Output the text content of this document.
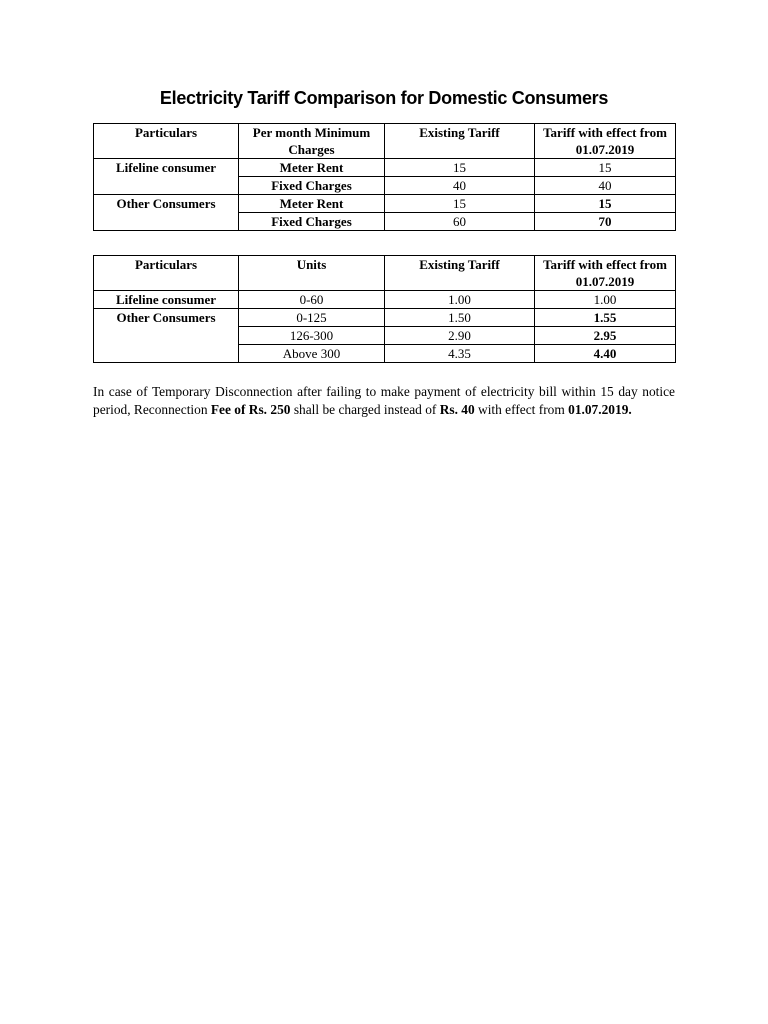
Electricity Tariff Comparison for Domestic Consumers
Particulars	Per month Minimum Charges	Existing Tariff	Tariff with effect from 01.07.2019
Lifeline consumer	Meter Rent	15	15
	Fixed Charges	40	40
Other Consumers	Meter Rent	15	15
	Fixed Charges	60	70
Particulars	Units	Existing Tariff	Tariff with effect from 01.07.2019
Lifeline consumer	0-60	1.00	1.00
Other Consumers	0-125	1.50	1.55
	126-300	2.90	2.95
	Above 300	4.35	4.40

In case of Temporary Disconnection after failing to make payment of electricity bill within 15 day notice period, Reconnection Fee of Rs. 250 shall be charged instead of Rs. 40 with effect from 01.07.2019.
